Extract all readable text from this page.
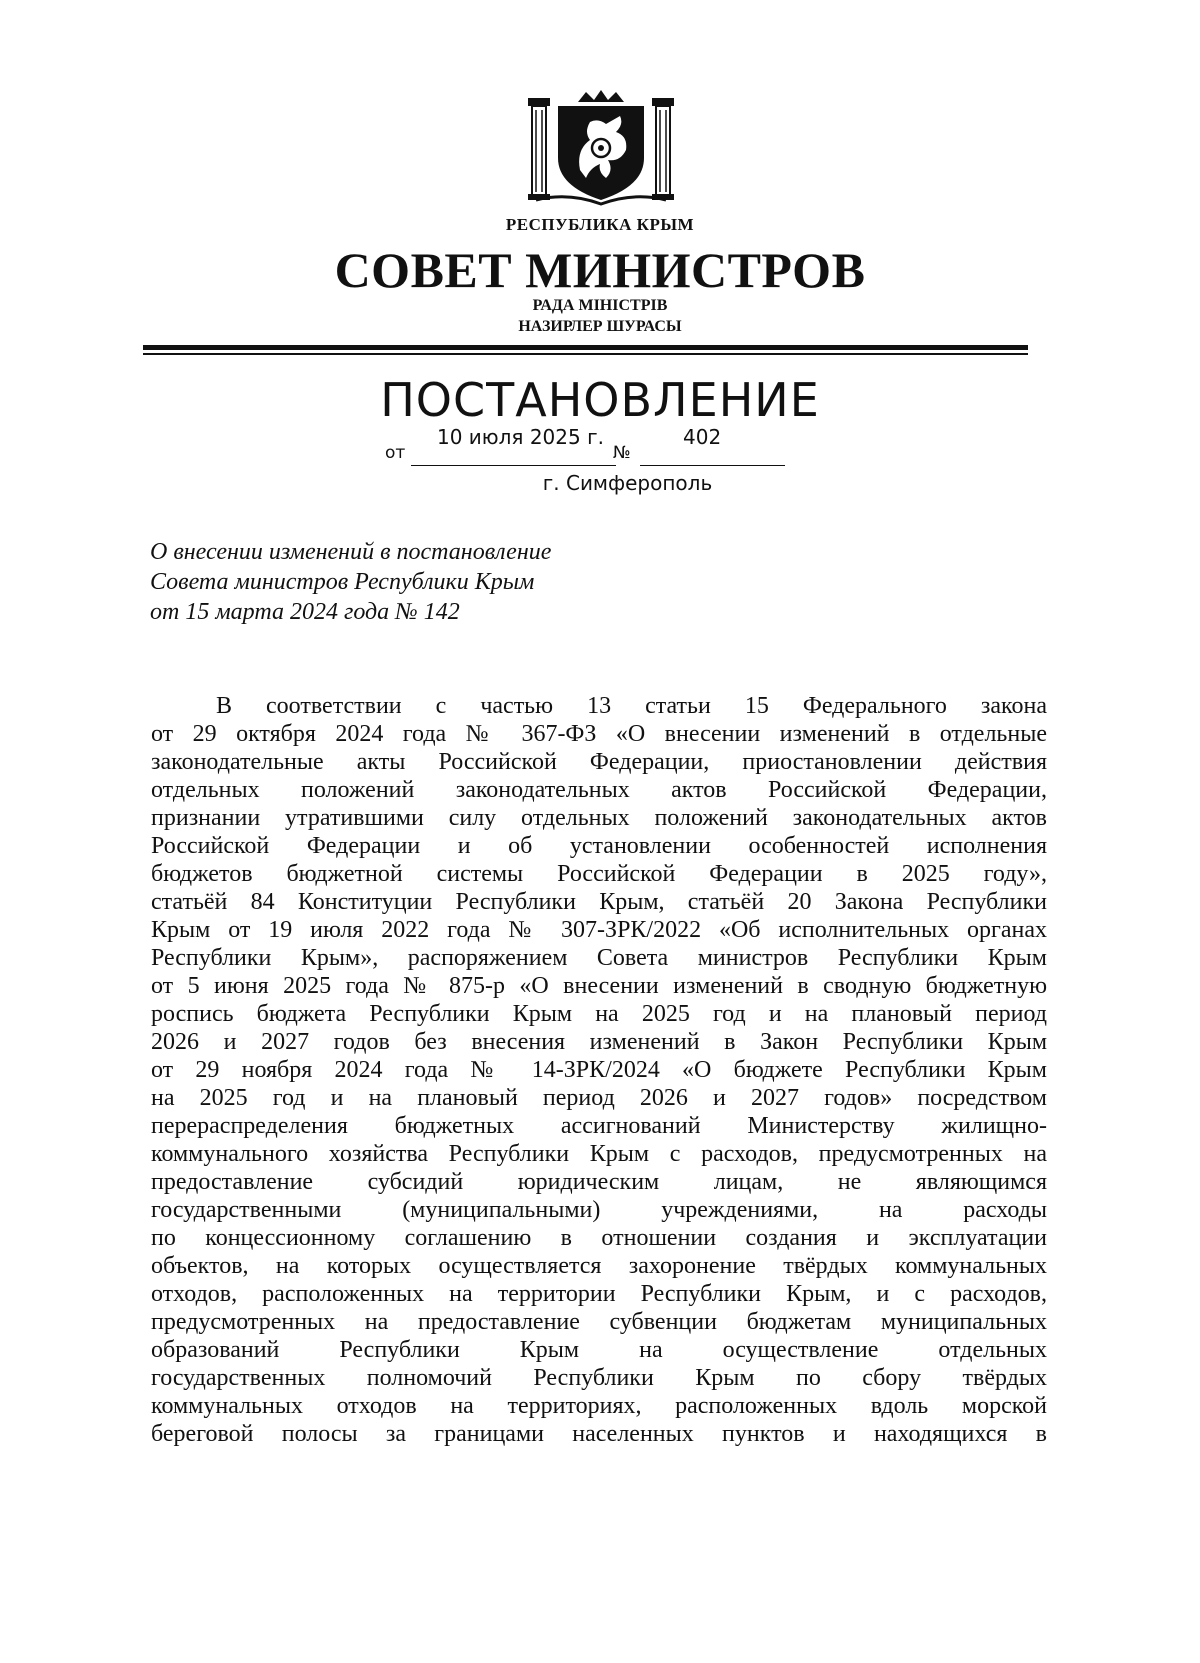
РЕСПУБЛИКА КРЫМ
СОВЕТ МИНИСТРОВ
РАДА МІНІСТРІВ
НАЗИРЛЕР ШУРАСЫ
ПОСТАНОВЛЕНИЕ
от
10 июля 2025 г.
№
402
г. Симферополь
О внесении изменений в постановление
Совета министров Республики Крым
от 15 марта 2024 года № 142
В соответствии с частью 13 статьи 15 Федерального закона
от 29 октября 2024 года № 367-ФЗ «О внесении изменений в отдельные
законодательные акты Российской Федерации, приостановлении действия
отдельных положений законодательных актов Российской Федерации,
признании утратившими силу отдельных положений законодательных актов
Российской Федерации и об установлении особенностей исполнения
бюджетов бюджетной системы Российской Федерации в 2025 году»,
статьёй 84 Конституции Республики Крым, статьёй 20 Закона Республики
Крым от 19 июля 2022 года № 307-ЗРК/2022 «Об исполнительных органах
Республики Крым», распоряжением Совета министров Республики Крым
от 5 июня 2025 года № 875-р «О внесении изменений в сводную бюджетную
роспись бюджета Республики Крым на 2025 год и на плановый период
2026 и 2027 годов без внесения изменений в Закон Республики Крым
от 29 ноября 2024 года № 14-ЗРК/2024 «О бюджете Республики Крым
на 2025 год и на плановый период 2026 и 2027 годов» посредством
перераспределения бюджетных ассигнований Министерству жилищно-
коммунального хозяйства Республики Крым с расходов, предусмотренных на
предоставление субсидий юридическим лицам, не являющимся
государственными (муниципальными) учреждениями, на расходы
по концессионному соглашению в отношении создания и эксплуатации
объектов, на которых осуществляется захоронение твёрдых коммунальных
отходов, расположенных на территории Республики Крым, и с расходов,
предусмотренных на предоставление субвенции бюджетам муниципальных
образований Республики Крым на осуществление отдельных
государственных полномочий Республики Крым по сбору твёрдых
коммунальных отходов на территориях, расположенных вдоль морской
береговой полосы за границами населенных пунктов и находящихся в
